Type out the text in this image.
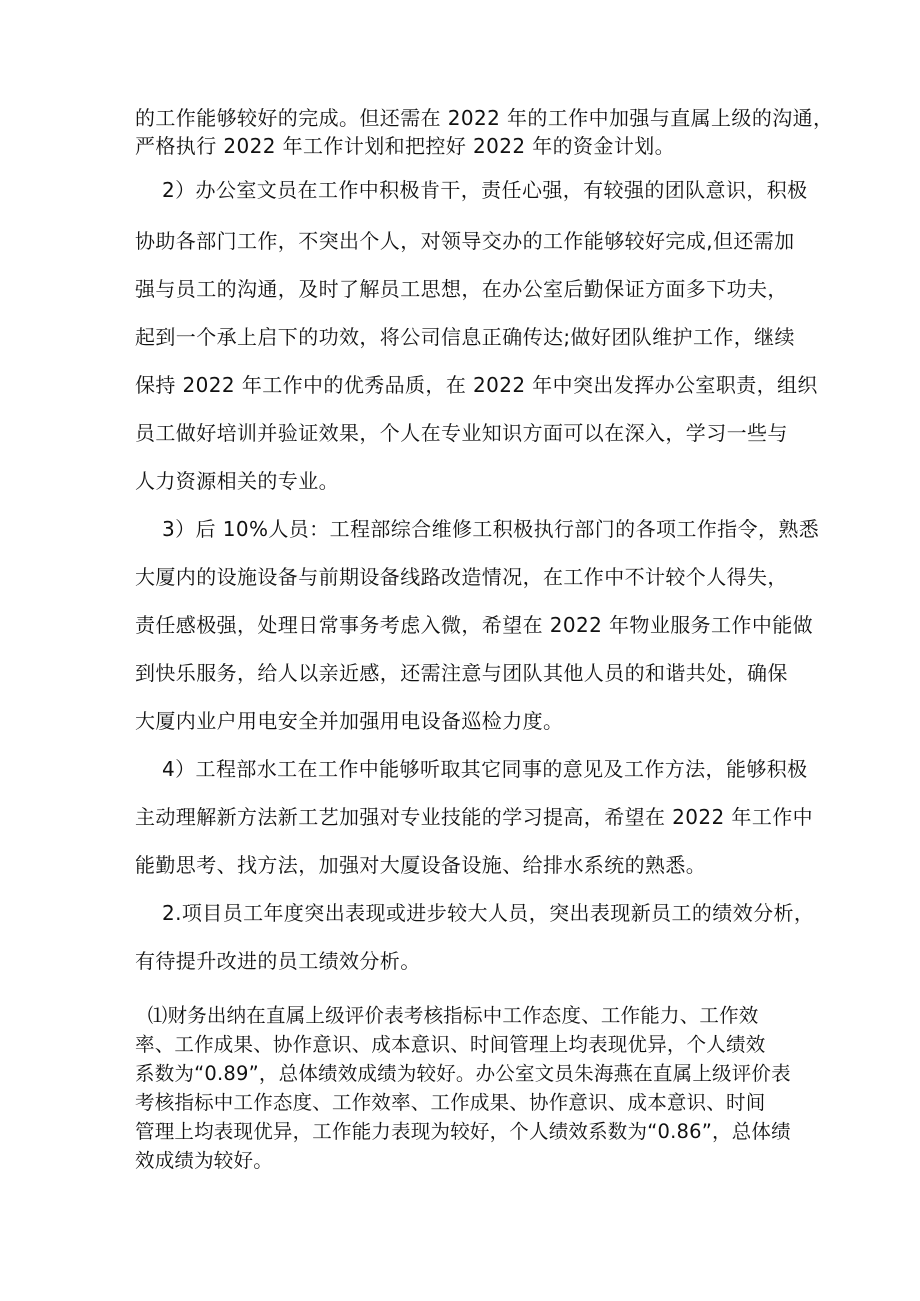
的工作能够较好的完成。但还需在 2022 年的工作中加强与直属上级的沟通，
严格执行 2022 年工作计划和把控好 2022 年的资金计划。
2）办公室文员在工作中积极肯干，责任心强，有较强的团队意识，积极
协助各部门工作，不突出个人，对领导交办的工作能够较好完成,但还需加
强与员工的沟通，及时了解员工思想，在办公室后勤保证方面多下功夫，
起到一个承上启下的功效，将公司信息正确传达;做好团队维护工作，继续
保持 2022 年工作中的优秀品质，在 2022 年中突出发挥办公室职责，组织
员工做好培训并验证效果，个人在专业知识方面可以在深入，学习一些与
人力资源相关的专业。
3）后 10%人员：工程部综合维修工积极执行部门的各项工作指令，熟悉
大厦内的设施设备与前期设备线路改造情况，在工作中不计较个人得失，
责任感极强，处理日常事务考虑入微，希望在 2022 年物业服务工作中能做
到快乐服务，给人以亲近感，还需注意与团队其他人员的和谐共处，确保
大厦内业户用电安全并加强用电设备巡检力度。
4）工程部水工在工作中能够听取其它同事的意见及工作方法，能够积极
主动理解新方法新工艺加强对专业技能的学习提高，希望在 2022 年工作中
能勤思考、找方法，加强对大厦设备设施、给排水系统的熟悉。
2.项目员工年度突出表现或进步较大人员，突出表现新员工的绩效分析，
有待提升改进的员工绩效分析。
⑴财务出纳在直属上级评价表考核指标中工作态度、工作能力、工作效
率、工作成果、协作意识、成本意识、时间管理上均表现优异，个人绩效
系数为“0.89”，总体绩效成绩为较好。办公室文员朱海燕在直属上级评价表
考核指标中工作态度、工作效率、工作成果、协作意识、成本意识、时间
管理上均表现优异，工作能力表现为较好，个人绩效系数为“0.86”，总体绩
效成绩为较好。
